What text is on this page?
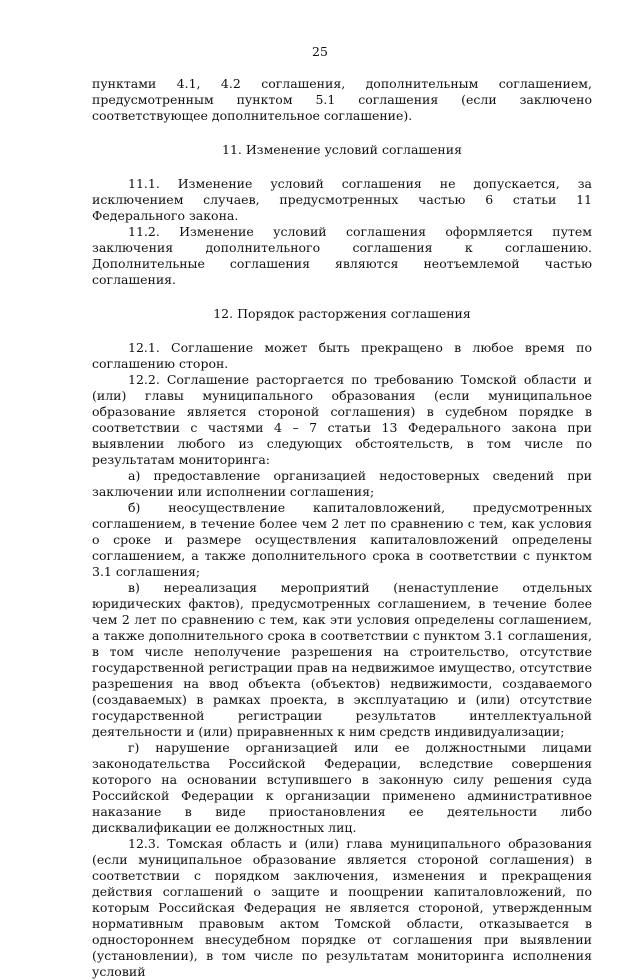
25

пунктами 4.1, 4.2 соглашения, дополнительным соглашением, предусмотренным пунктом 5.1 соглашения (если заключено соответствующее дополнительное соглашение).

11. Изменение условий соглашения

11.1. Изменение условий соглашения не допускается, за исключением случаев, предусмотренных частью 6 статьи 11 Федерального закона.

11.2. Изменение условий соглашения оформляется путем заключения дополнительного соглашения к соглашению. Дополнительные соглашения являются неотъемлемой частью соглашения.

12. Порядок расторжения соглашения

12.1. Соглашение может быть прекращено в любое время по соглашению сторон.

12.2. Соглашение расторгается по требованию Томской области и (или) главы муниципального образования (если муниципальное образование является стороной соглашения) в судебном порядке в соответствии с частями 4 – 7 статьи 13 Федерального закона при выявлении любого из следующих обстоятельств, в том числе по результатам мониторинга:

а) предоставление организацией недостоверных сведений при заключении или исполнении соглашения;

б) неосуществление капиталовложений, предусмотренных соглашением, в течение более чем 2 лет по сравнению с тем, как условия о сроке и размере осуществления капиталовложений определены соглашением, а также дополнительного срока в соответствии с пунктом 3.1 соглашения;

в) нереализация мероприятий (ненаступление отдельных юридических фактов), предусмотренных соглашением, в течение более чем 2 лет по сравнению с тем, как эти условия определены соглашением, а также дополнительного срока в соответствии с пунктом 3.1 соглашения, в том числе неполучение разрешения на строительство, отсутствие государственной регистрации прав на недвижимое имущество, отсутствие разрешения на ввод объекта (объектов) недвижимости, создаваемого (создаваемых) в рамках проекта, в эксплуатацию и (или) отсутствие государственной регистрации результатов интеллектуальной деятельности и (или) приравненных к ним средств индивидуализации;

г) нарушение организацией или ее должностными лицами законодательства Российской Федерации, вследствие совершения которого на основании вступившего в законную силу решения суда Российской Федерации к организации применено административное наказание в виде приостановления ее деятельности либо дисквалификации ее должностных лиц.

12.3. Томская область и (или) глава муниципального образования (если муниципальное образование является стороной соглашения) в соответствии с порядком заключения, изменения и прекращения действия соглашений о защите и поощрении капиталовложений, по которым Российская Федерация не является стороной, утвержденным нормативным правовым актом Томской области, отказывается в одностороннем внесудебном порядке от соглашения при выявлении (установлении), в том числе по результатам мониторинга исполнения условий
